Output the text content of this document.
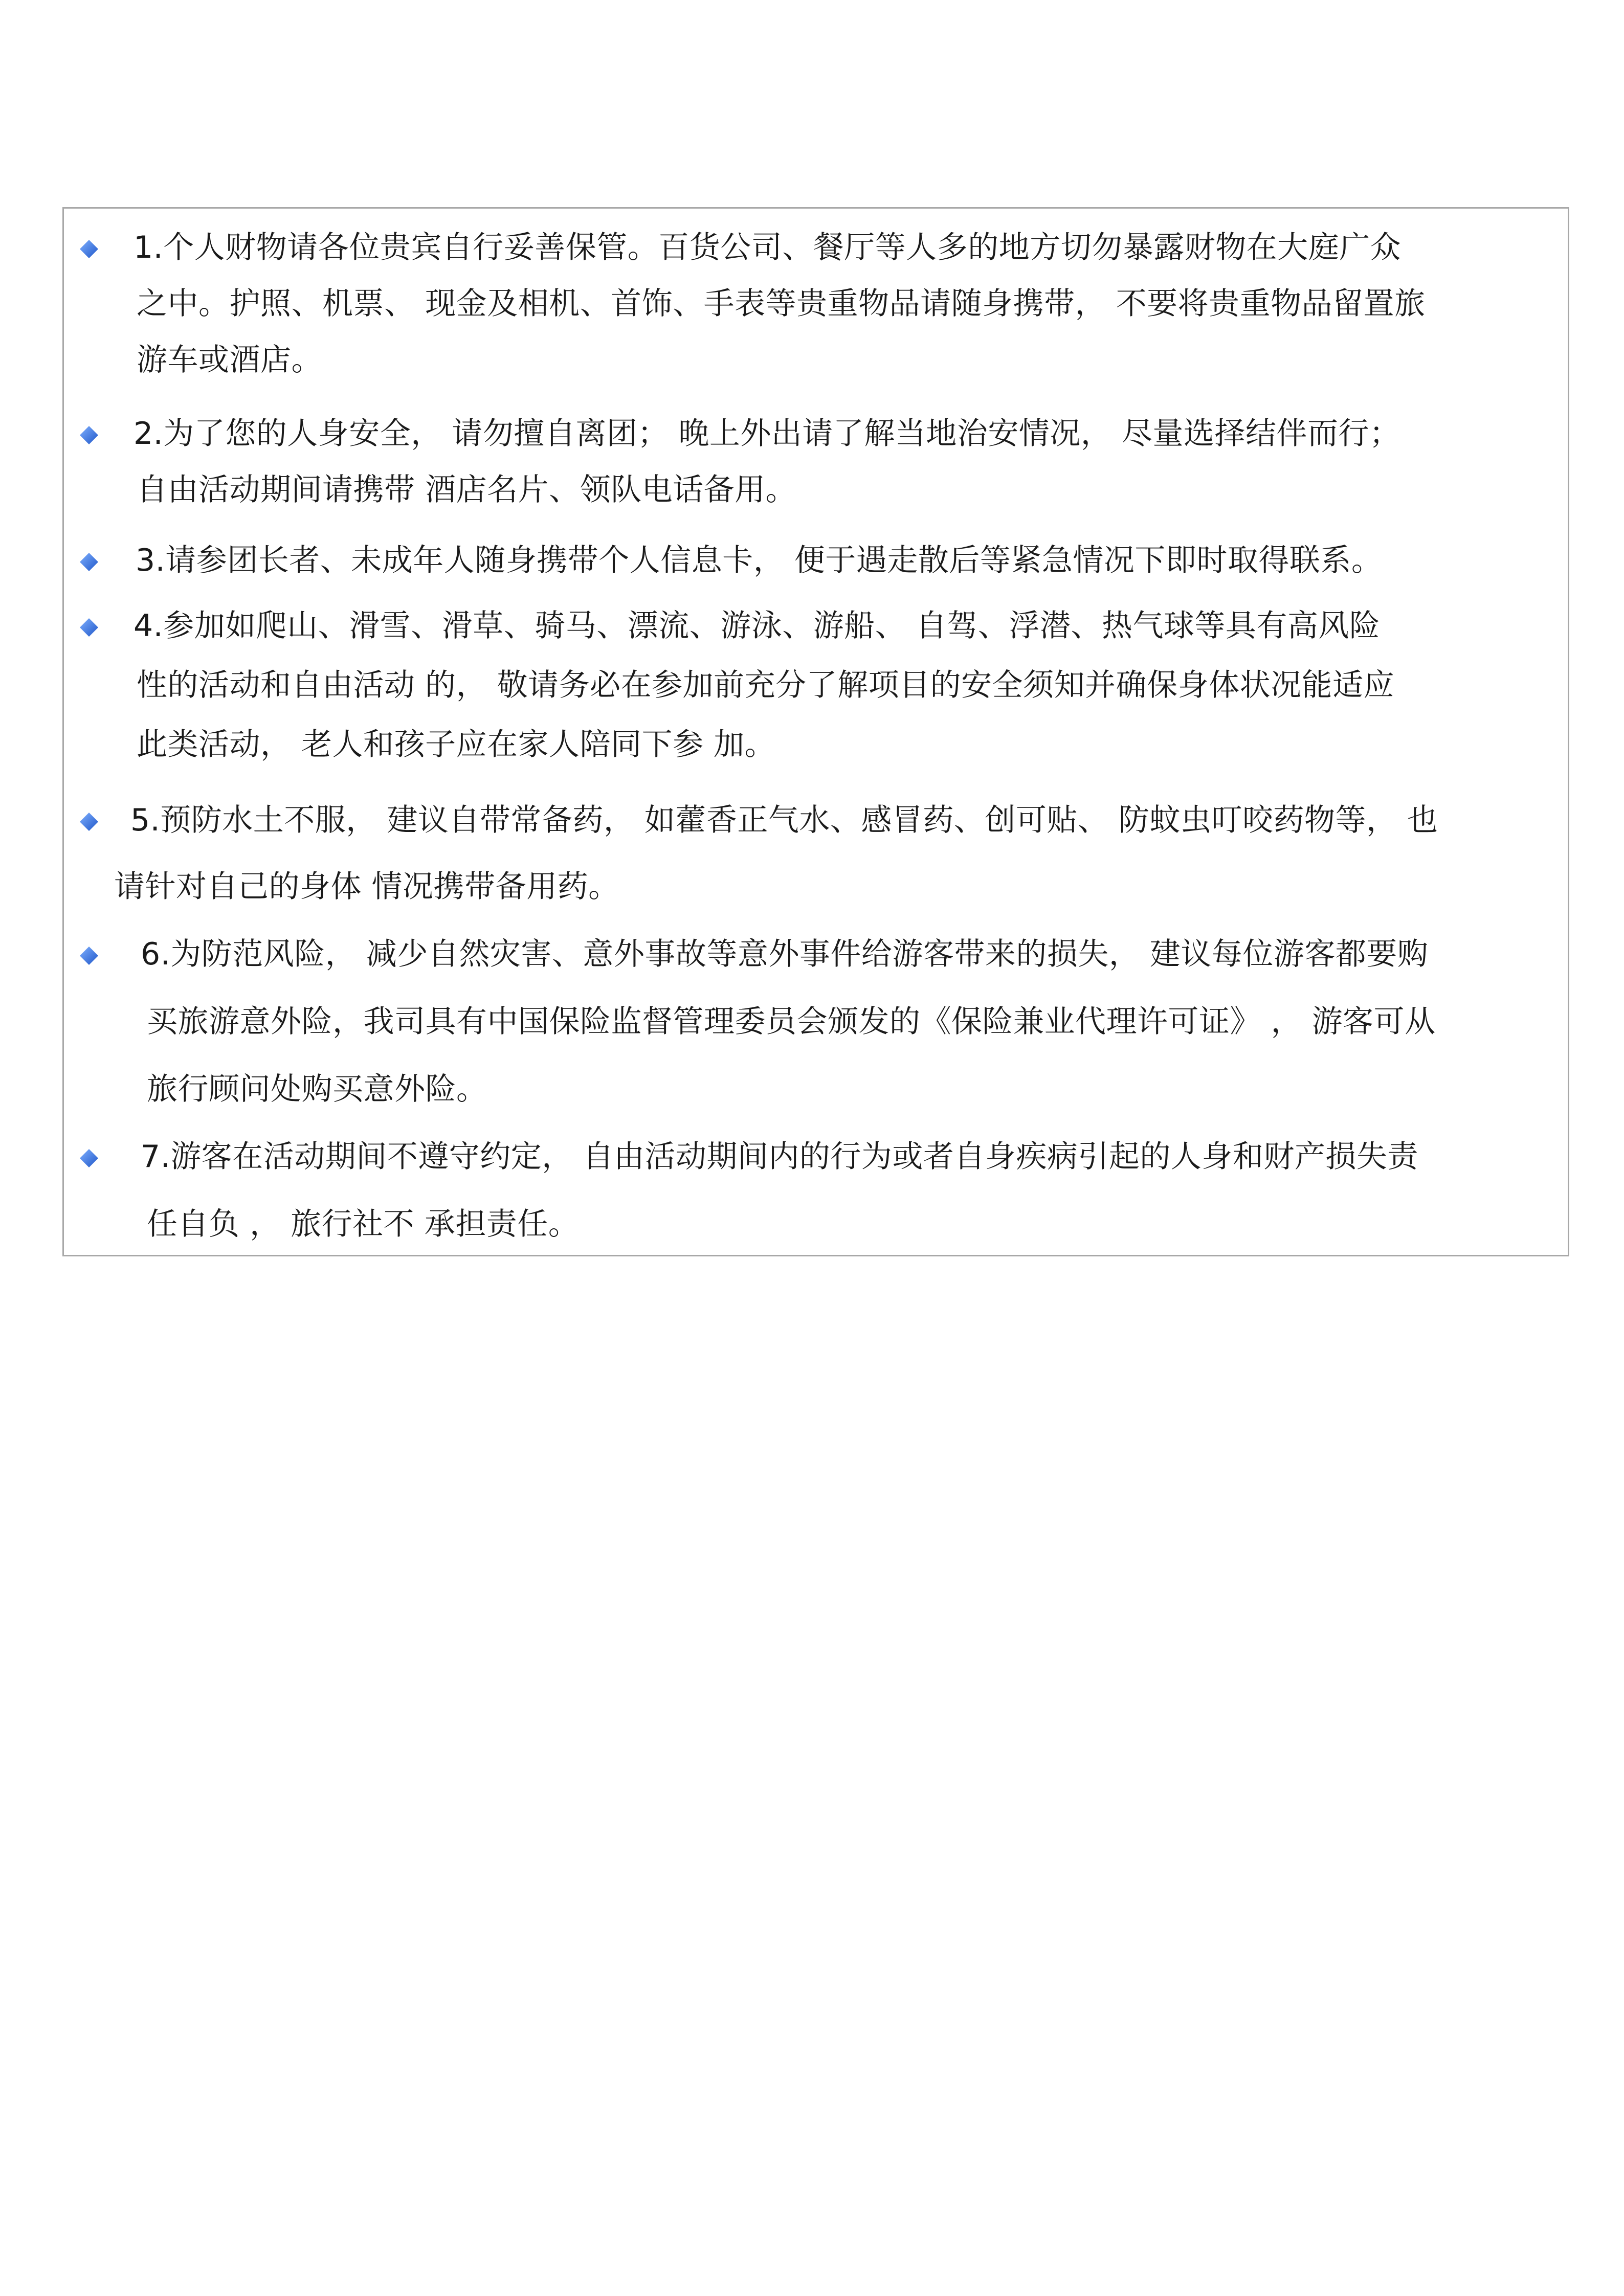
1.个人财物请各位贵宾自行妥善保管。百货公司、餐厅等人多的地方切勿暴露财物在大庭广众
之中。护照、机票、 现金及相机、首饰、手表等贵重物品请随身携带， 不要将贵重物品留置旅
游车或酒店。
2.为了您的人身安全， 请勿擅自离团； 晚上外出请了解当地治安情况， 尽量选择结伴而行；
自由活动期间请携带 酒店名片、领队电话备用。
3.请参团长者、未成年人随身携带个人信息卡， 便于遇走散后等紧急情况下即时取得联系。
4.参加如爬山、滑雪、滑草、骑马、漂流、游泳、游船、 自驾、浮潜、热气球等具有高风险
性的活动和自由活动 的， 敬请务必在参加前充分了解项目的安全须知并确保身体状况能适应
此类活动， 老人和孩子应在家人陪同下参 加。
5.预防水土不服， 建议自带常备药， 如藿香正气水、感冒药、创可贴、 防蚊虫叮咬药物等， 也
请针对自己的身体 情况携带备用药。
6.为防范风险， 减少自然灾害、意外事故等意外事件给游客带来的损失， 建议每位游客都要购
买旅游意外险，我司具有中国保险监督管理委员会颁发的《保险兼业代理许可证》 ， 游客可从
旅行顾问处购买意外险。
7.游客在活动期间不遵守约定， 自由活动期间内的行为或者自身疾病引起的人身和财产损失责
任自负 ， 旅行社不 承担责任。
